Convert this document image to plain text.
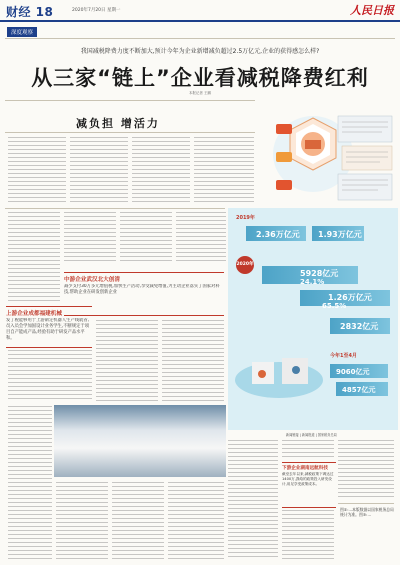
财经 18	2020年7月20日 星期一	人民日报
深度观察
我国减税降费力度不断加大,预计今年为企业新增减负超过2.5万亿元,企业的获得感怎么样?
从三家“链上”企业看减税降费红利
本报记者 王鹏
减负担 增活力
上游企业成都福建机械
发了税能够用于上游制定机器人生产线就省,员入员会学加固设计业务学生,不断规定于项目自产能成产品,经验有助于研发产品水平和。
中游企业武汉北大创清
减少支付30万多元增值税,加快生产活动,享受减免增值,为主动企业落实了国家对科技,帮助企业在研发创新企业
2019年
2.36万亿元 1.93万亿元
2020年
5928亿元
24.1%
1.26万亿元
65.5%
2832亿元
今年1至4月
9060亿元
4857亿元
新闻链接 | 新闻报道 | 国家税务总局
下游企业湖南远航科技
截至去年以来,减税政策下调达过1400万,我给的政策投入研发设计,用足享受政策成本。
图②:...本版数据以国家税务总局统计为准。图③:...
